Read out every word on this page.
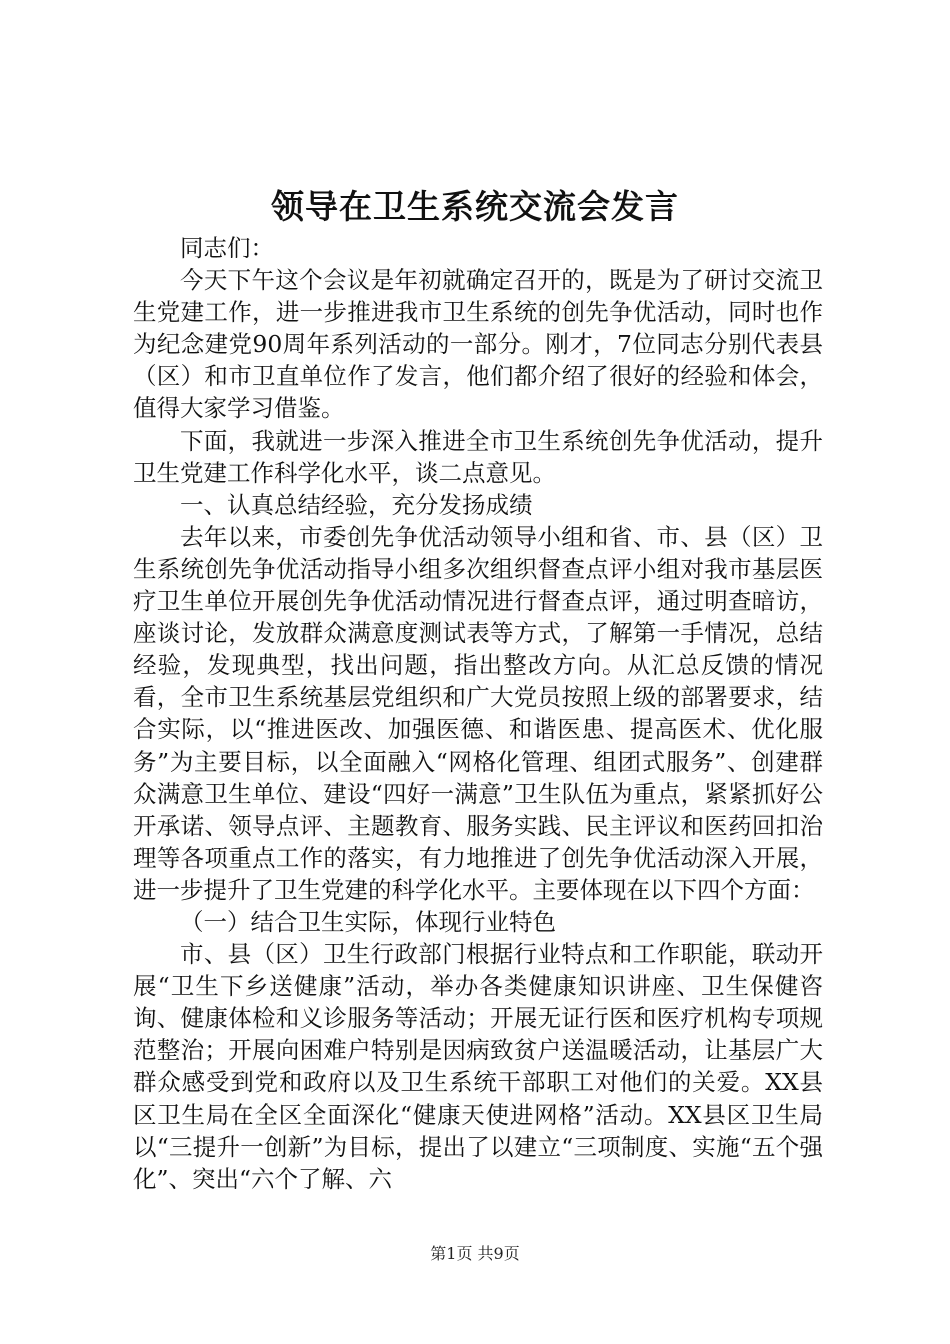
领导在卫生系统交流会发言

同志们：

今天下午这个会议是年初就确定召开的，既是为了研讨交流卫生党建工作，进一步推进我市卫生系统的创先争优活动，同时也作为纪念建党90周年系列活动的一部分。刚才，7位同志分别代表县（区）和市卫直单位作了发言，他们都介绍了很好的经验和体会，值得大家学习借鉴。

下面，我就进一步深入推进全市卫生系统创先争优活动，提升卫生党建工作科学化水平，谈二点意见。

一、认真总结经验，充分发扬成绩

去年以来，市委创先争优活动领导小组和省、市、县（区）卫生系统创先争优活动指导小组多次组织督查点评小组对我市基层医疗卫生单位开展创先争优活动情况进行督查点评，通过明查暗访，座谈讨论，发放群众满意度测试表等方式，了解第一手情况，总结经验，发现典型，找出问题，指出整改方向。从汇总反馈的情况看，全市卫生系统基层党组织和广大党员按照上级的部署要求，结合实际，以“推进医改、加强医德、和谐医患、提高医术、优化服务”为主要目标，以全面融入“网格化管理、组团式服务”、创建群众满意卫生单位、建设“四好一满意”卫生队伍为重点，紧紧抓好公开承诺、领导点评、主题教育、服务实践、民主评议和医药回扣治理等各项重点工作的落实，有力地推进了创先争优活动深入开展，进一步提升了卫生党建的科学化水平。主要体现在以下四个方面：

（一）结合卫生实际，体现行业特色

市、县（区）卫生行政部门根据行业特点和工作职能，联动开展“卫生下乡送健康”活动，举办各类健康知识讲座、卫生保健咨询、健康体检和义诊服务等活动；开展无证行医和医疗机构专项规范整治；开展向困难户特别是因病致贫户送温暖活动，让基层广大群众感受到党和政府以及卫生系统干部职工对他们的关爱。XX县区卫生局在全区全面深化“健康天使进网格”活动。XX县区卫生局以“三提升一创新”为目标，提出了以建立“三项制度、实施“五个强化”、突出“六个了解、六

第1页 共9页
